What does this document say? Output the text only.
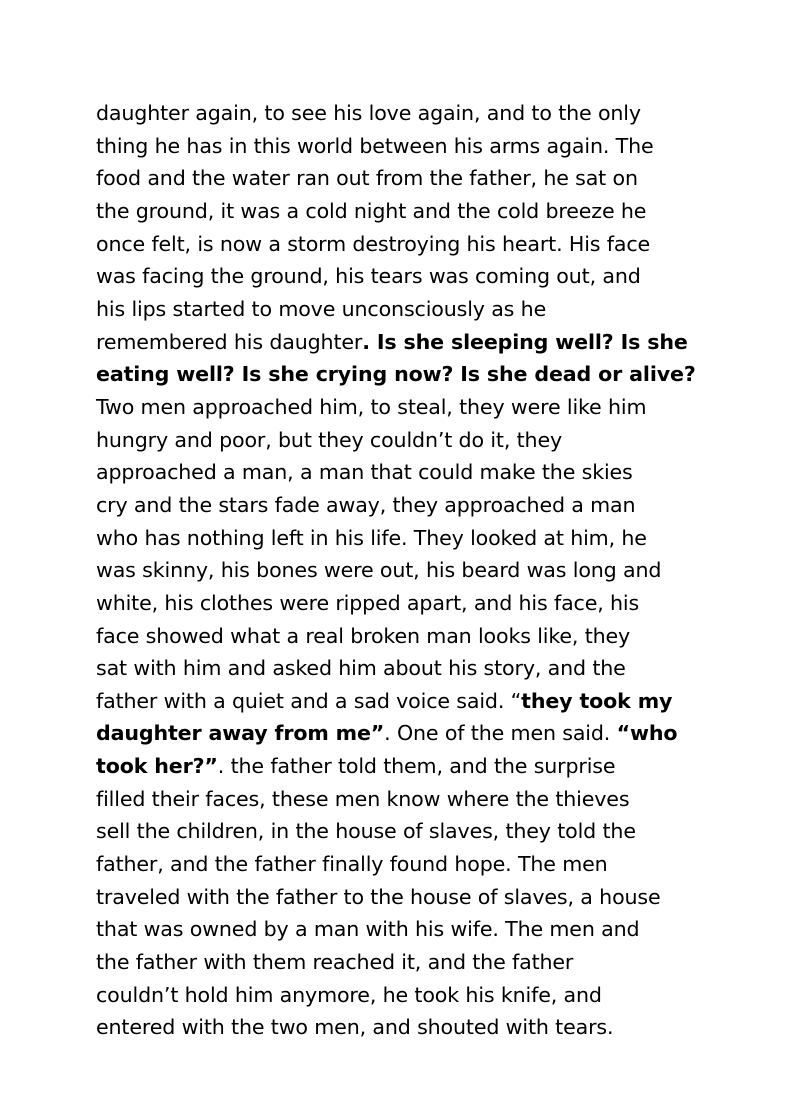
daughter again, to see his love again, and to the only
thing he has in this world between his arms again. The
food and the water ran out from the father, he sat on
the ground, it was a cold night and the cold breeze he
once felt, is now a storm destroying his heart. His face
was facing the ground, his tears was coming out, and
his lips started to move unconsciously as he
remembered his daughter. Is she sleeping well? Is she
eating well? Is she crying now? Is she dead or alive?
Two men approached him, to steal, they were like him
hungry and poor, but they couldn’t do it, they
approached a man, a man that could make the skies
cry and the stars fade away, they approached a man
who has nothing left in his life. They looked at him, he
was skinny, his bones were out, his beard was long and
white, his clothes were ripped apart, and his face, his
face showed what a real broken man looks like, they
sat with him and asked him about his story, and the
father with a quiet and a sad voice said. “they took my
daughter away from me”. One of the men said. “who
took her?”. the father told them, and the surprise
filled their faces, these men know where the thieves
sell the children, in the house of slaves, they told the
father, and the father finally found hope. The men
traveled with the father to the house of slaves, a house
that was owned by a man with his wife. The men and
the father with them reached it, and the father
couldn’t hold him anymore, he took his knife, and
entered with the two men, and shouted with tears.
